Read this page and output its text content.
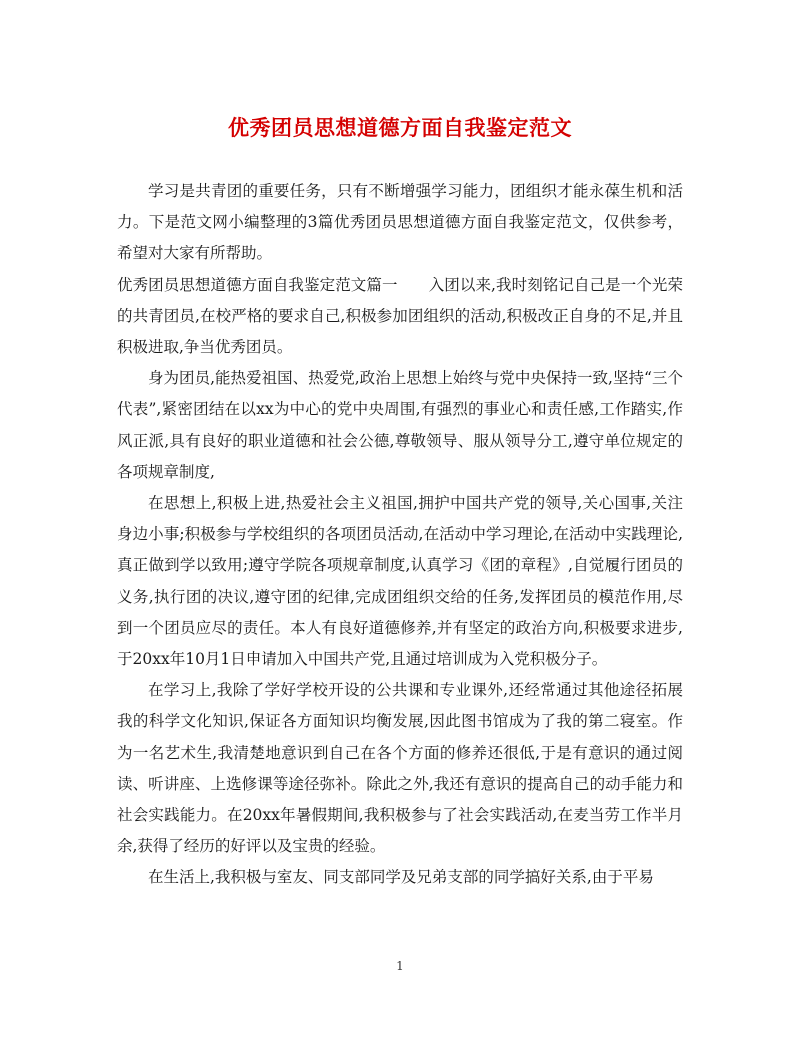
优秀团员思想道德方面自我鉴定范文

学习是共青团的重要任务，只有不断增强学习能力，团组织才能永葆生机和活力。下是范文网小编整理的3篇优秀团员思想道德方面自我鉴定范文，仅供参考，希望对大家有所帮助。

优秀团员思想道德方面自我鉴定范文篇一　　入团以来,我时刻铭记自己是一个光荣的共青团员,在校严格的要求自己,积极参加团组织的活动,积极改正自身的不足,并且积极进取,争当优秀团员。

身为团员,能热爱祖国、热爱党,政治上思想上始终与党中央保持一致,坚持“三个代表”,紧密团结在以xx为中心的党中央周围,有强烈的事业心和责任感,工作踏实,作风正派,具有良好的职业道德和社会公德,尊敬领导、服从领导分工,遵守单位规定的各项规章制度,

在思想上,积极上进,热爱社会主义祖国,拥护中国共产党的领导,关心国事,关注身边小事;积极参与学校组织的各项团员活动,在活动中学习理论,在活动中实践理论,真正做到学以致用;遵守学院各项规章制度,认真学习《团的章程》,自觉履行团员的义务,执行团的决议,遵守团的纪律,完成团组织交给的任务,发挥团员的模范作用,尽到一个团员应尽的责任。本人有良好道德修养,并有坚定的政治方向,积极要求进步,于20xx年10月1日申请加入中国共产党,且通过培训成为入党积极分子。

在学习上,我除了学好学校开设的公共课和专业课外,还经常通过其他途径拓展我的科学文化知识,保证各方面知识均衡发展,因此图书馆成为了我的第二寝室。作为一名艺术生,我清楚地意识到自己在各个方面的修养还很低,于是有意识的通过阅读、听讲座、上选修课等途径弥补。除此之外,我还有意识的提高自己的动手能力和社会实践能力。在20xx年暑假期间,我积极参与了社会实践活动,在麦当劳工作半月余,获得了经历的好评以及宝贵的经验。

在生活上,我积极与室友、同支部同学及兄弟支部的同学搞好关系,由于平易

1
